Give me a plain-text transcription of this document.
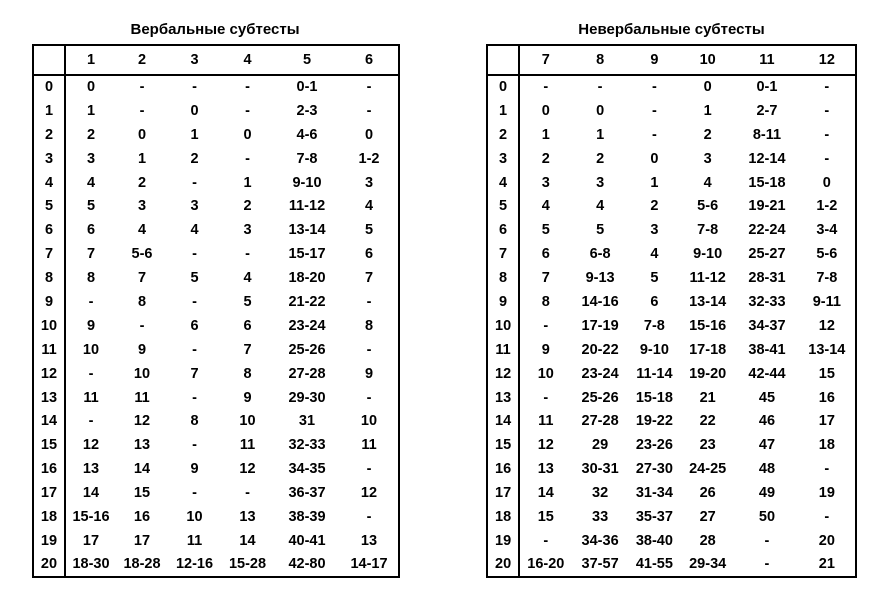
Вербальные субтесты
	1	2	3	4	5	6
0	0	-	-	-	0-1	-
1	1	-	0	-	2-3	-
2	2	0	1	0	4-6	0
3	3	1	2	-	7-8	1-2
4	4	2	-	1	9-10	3
5	5	3	3	2	11-12	4
6	6	4	4	3	13-14	5
7	7	5-6	-	-	15-17	6
8	8	7	5	4	18-20	7
9	-	8	-	5	21-22	-
10	9	-	6	6	23-24	8
11	10	9	-	7	25-26	-
12	-	10	7	8	27-28	9
13	11	11	-	9	29-30	-
14	-	12	8	10	31	10
15	12	13	-	11	32-33	11
16	13	14	9	12	34-35	-
17	14	15	-	-	36-37	12
18	15-16	16	10	13	38-39	-
19	17	17	11	14	40-41	13
20	18-30	18-28	12-16	15-28	42-80	14-17
Невербальные субтесты
	7	8	9	10	11	12
0	-	-	-	0	0-1	-
1	0	0	-	1	2-7	-
2	1	1	-	2	8-11	-
3	2	2	0	3	12-14	-
4	3	3	1	4	15-18	0
5	4	4	2	5-6	19-21	1-2
6	5	5	3	7-8	22-24	3-4
7	6	6-8	4	9-10	25-27	5-6
8	7	9-13	5	11-12	28-31	7-8
9	8	14-16	6	13-14	32-33	9-11
10	-	17-19	7-8	15-16	34-37	12
11	9	20-22	9-10	17-18	38-41	13-14
12	10	23-24	11-14	19-20	42-44	15
13	-	25-26	15-18	21	45	16
14	11	27-28	19-22	22	46	17
15	12	29	23-26	23	47	18
16	13	30-31	27-30	24-25	48	-
17	14	32	31-34	26	49	19
18	15	33	35-37	27	50	-
19	-	34-36	38-40	28	-	20
20	16-20	37-57	41-55	29-34	-	21
